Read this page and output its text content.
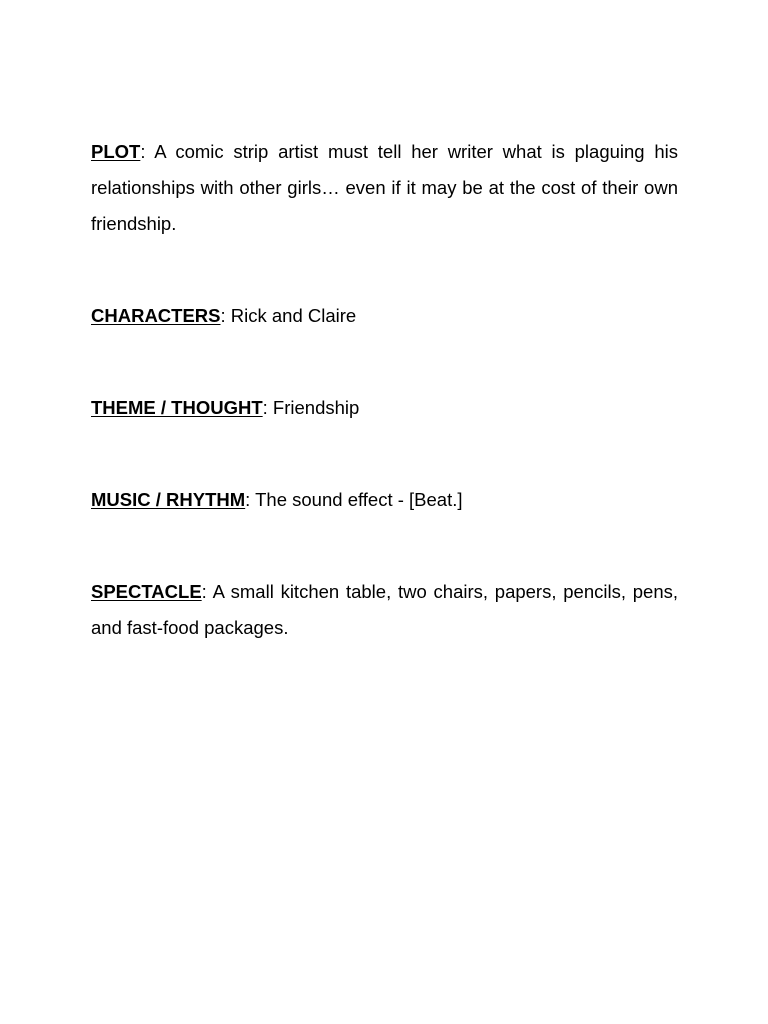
PLOT: A comic strip artist must tell her writer what is plaguing his relationships with other girls… even if it may be at the cost of their own friendship.

CHARACTERS: Rick and Claire

THEME / THOUGHT: Friendship

MUSIC / RHYTHM: The sound effect - [Beat.]

SPECTACLE: A small kitchen table, two chairs, papers, pencils, pens, and fast-food packages.
